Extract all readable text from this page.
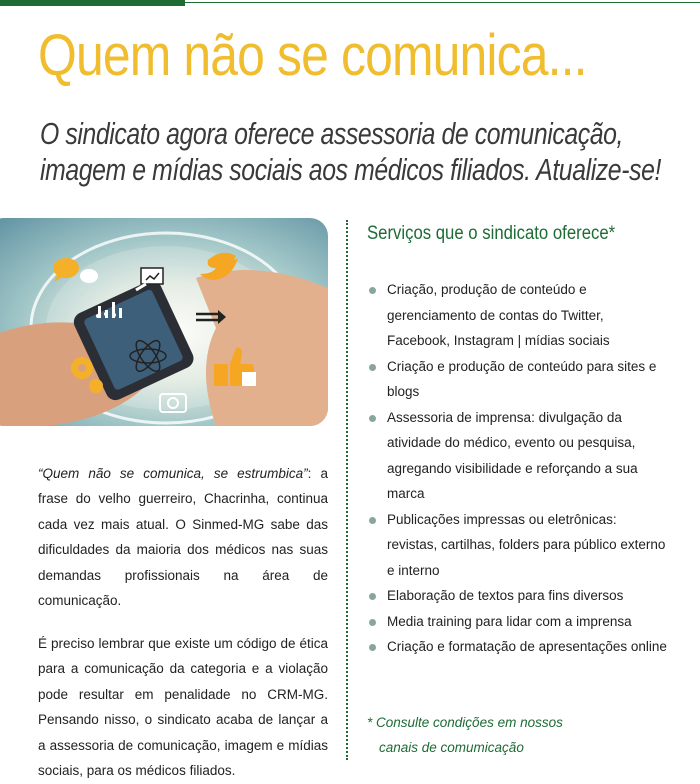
Quem não se comunica...

O sindicato agora oferece assessoria de comunicação,
imagem e mídias sociais aos médicos filiados. Atualize-se!

“Quem não se comunica, se estrumbica”: a frase do velho guerreiro, Chacrinha, continua cada vez mais atual. O Sinmed-MG sabe das dificuldades da maioria dos médicos nas suas demandas profissionais na área de comunicação.

É preciso lembrar que existe um código de ética para a comunicação da categoria e a violação pode resultar em penalidade no CRM-MG. Pensando nisso, o sindicato acaba de lançar a a assessoria de comunicação, imagem e mídias sociais, para os médicos filiados.

Serviços que o sindicato oferece*
Criação, produção de conteúdo e gerenciamento de contas do Twitter, Facebook, Instagram | mídias sociais
Criação e produção de conteúdo para sites e blogs
Assessoria de imprensa: divulgação da atividade do médico, evento ou pesquisa, agregando visibilidade e reforçando a sua marca
Publicações impressas ou eletrônicas: revistas, cartilhas, folders para público externo e interno
Elaboração de textos para fins diversos
Media training para lidar com a imprensa
Criação e formatação de apresentações online

* Consulte condições em nossos
canais de comumicação
